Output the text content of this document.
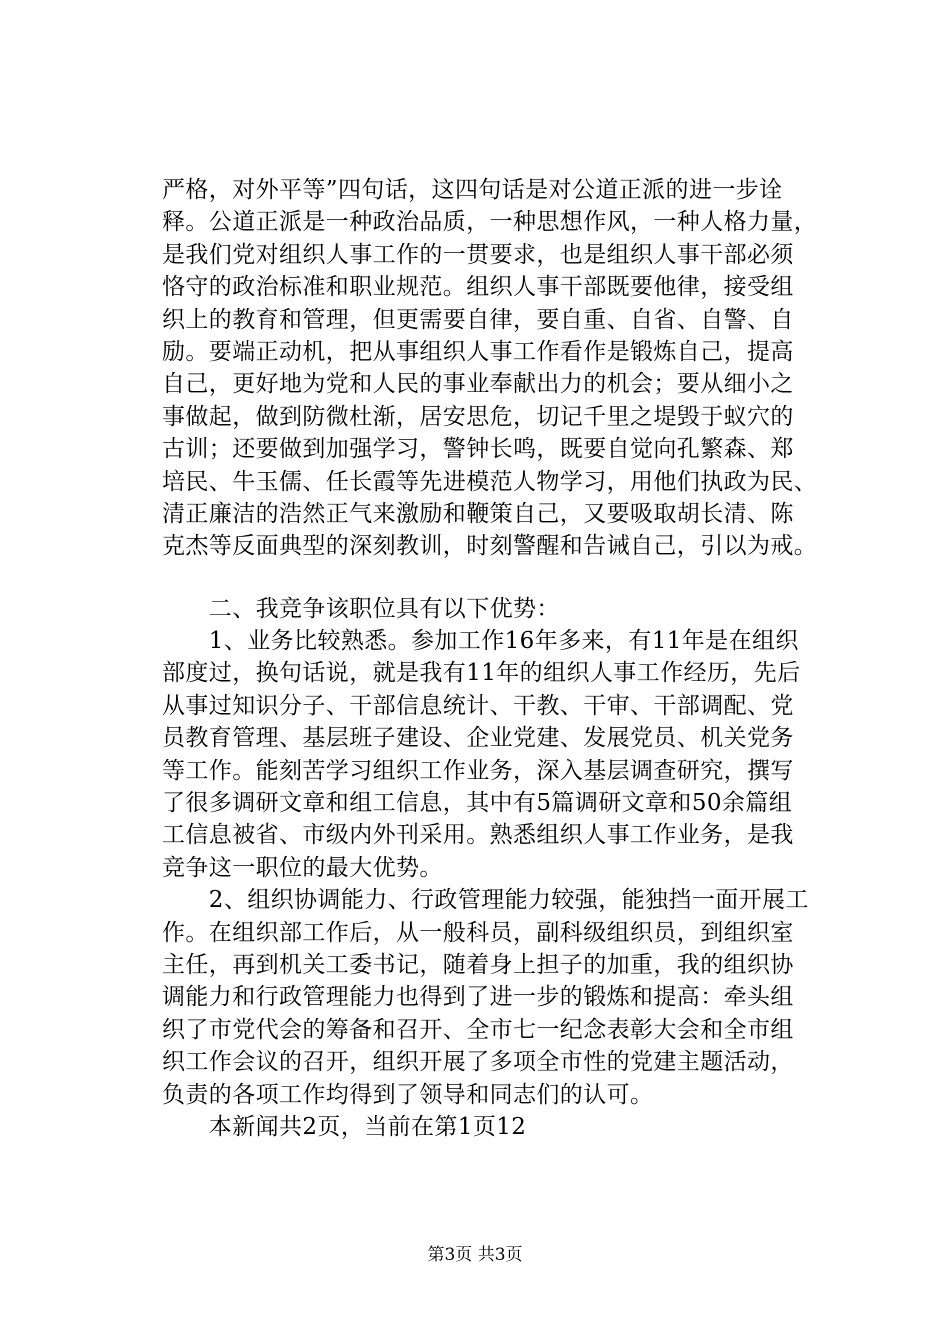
严格，对外平等”四句话，这四句话是对公道正派的进一步诠
释。公道正派是一种政治品质，一种思想作风，一种人格力量，
是我们党对组织人事工作的一贯要求，也是组织人事干部必须
恪守的政治标准和职业规范。组织人事干部既要他律，接受组
织上的教育和管理，但更需要自律，要自重、自省、自警、自
励。要端正动机，把从事组织人事工作看作是锻炼自己，提高
自己，更好地为党和人民的事业奉献出力的机会；要从细小之
事做起，做到防微杜渐，居安思危，切记千里之堤毁于蚁穴的
古训；还要做到加强学习，警钟长鸣，既要自觉向孔繁森、郑
培民、牛玉儒、任长霞等先进模范人物学习，用他们执政为民、
清正廉洁的浩然正气来激励和鞭策自己，又要吸取胡长清、陈
克杰等反面典型的深刻教训，时刻警醒和告诫自己，引以为戒。
　　二、我竞争该职位具有以下优势：
　　1、业务比较熟悉。参加工作16年多来，有11年是在组织
部度过，换句话说，就是我有11年的组织人事工作经历，先后
从事过知识分子、干部信息统计、干教、干审、干部调配、党
员教育管理、基层班子建设、企业党建、发展党员、机关党务
等工作。能刻苦学习组织工作业务，深入基层调查研究，撰写
了很多调研文章和组工信息，其中有5篇调研文章和50余篇组
工信息被省、市级内外刊采用。熟悉组织人事工作业务，是我
竞争这一职位的最大优势。
　　2、组织协调能力、行政管理能力较强，能独挡一面开展工
作。在组织部工作后，从一般科员，副科级组织员，到组织室
主任，再到机关工委书记，随着身上担子的加重，我的组织协
调能力和行政管理能力也得到了进一步的锻炼和提高：牵头组
织了市党代会的筹备和召开、全市七一纪念表彰大会和全市组
织工作会议的召开，组织开展了多项全市性的党建主题活动，
负责的各项工作均得到了领导和同志们的认可。
　　本新闻共2页，当前在第1页12
第3页 共3页
